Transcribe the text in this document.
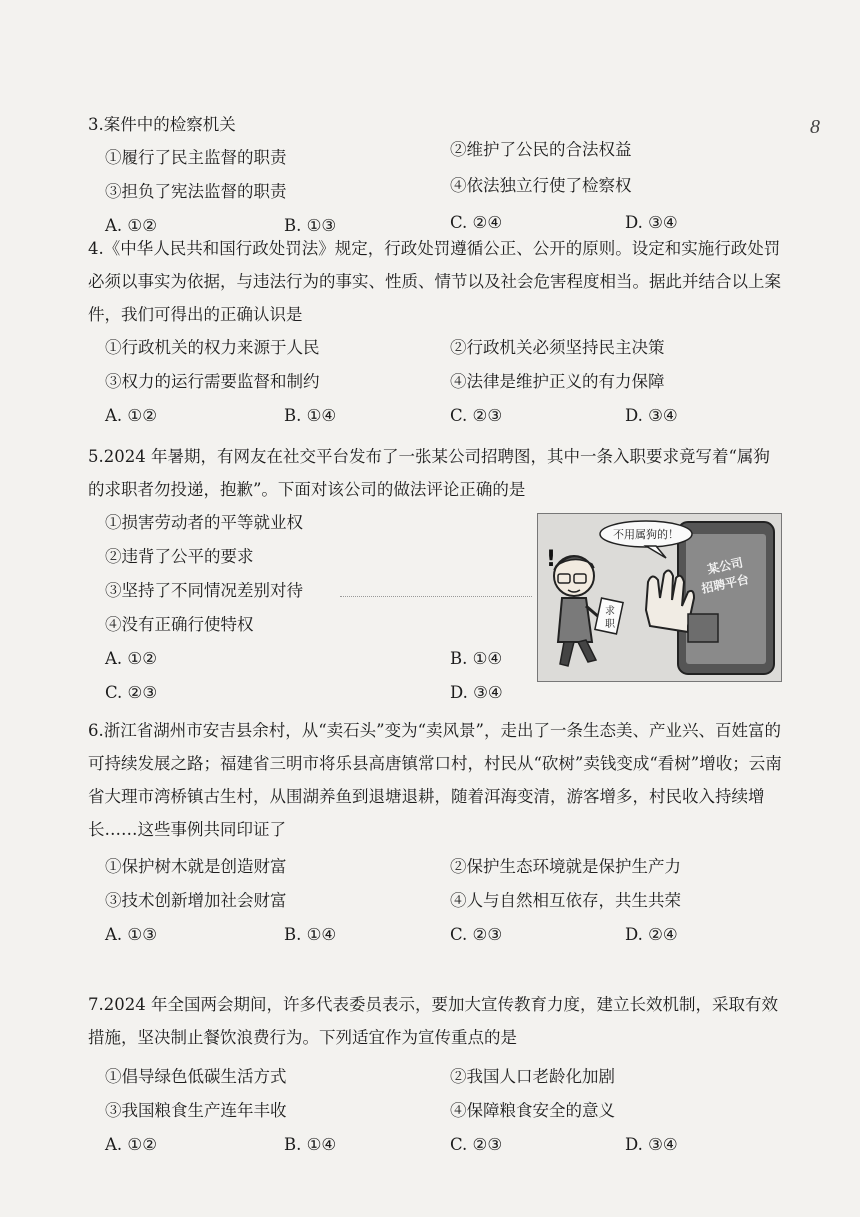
8
3.案件中的检察机关
①履行了民主监督的职责	②维护了公民的合法权益
③担负了宪法监督的职责	④依法独立行使了检察权
A. ①②	B. ①③	C. ②④	D. ③④
4.《中华人民共和国行政处罚法》规定，行政处罚遵循公正、公开的原则。设定和实施行政处罚必须以事实为依据，与违法行为的事实、性质、情节以及社会危害程度相当。据此并结合以上案件，我们可得出的正确认识是
①行政机关的权力来源于人民	②行政机关必须坚持民主决策
③权力的运行需要监督和制约	④法律是维护正义的有力保障
A. ①②	B. ①④	C. ②③	D. ③④
5.2024 年暑期，有网友在社交平台发布了一张某公司招聘图，其中一条入职要求竟写着“属狗的求职者勿投递，抱歉”。下面对该公司的做法评论正确的是
①损害劳动者的平等就业权
②违背了公平的要求
③坚持了不同情况差别对待
④没有正确行使特权
A. ①②	B. ①④
C. ②③	D. ③④
某公司
招聘平台
不用属狗的！
!
求
职
6.浙江省湖州市安吉县余村，从“卖石头”变为“卖风景”，走出了一条生态美、产业兴、百姓富的可持续发展之路；福建省三明市将乐县高唐镇常口村，村民从“砍树”卖钱变成“看树”增收；云南省大理市湾桥镇古生村，从围湖养鱼到退塘退耕，随着洱海变清，游客增多，村民收入持续增长……这些事例共同印证了
①保护树木就是创造财富	②保护生态环境就是保护生产力
③技术创新增加社会财富	④人与自然相互依存，共生共荣
A. ①③	B. ①④	C. ②③	D. ②④
7.2024 年全国两会期间，许多代表委员表示，要加大宣传教育力度，建立长效机制，采取有效措施，坚决制止餐饮浪费行为。下列适宜作为宣传重点的是
①倡导绿色低碳生活方式	②我国人口老龄化加剧
③我国粮食生产连年丰收	④保障粮食安全的意义
A. ①②	B. ①④	C. ②③	D. ③④
